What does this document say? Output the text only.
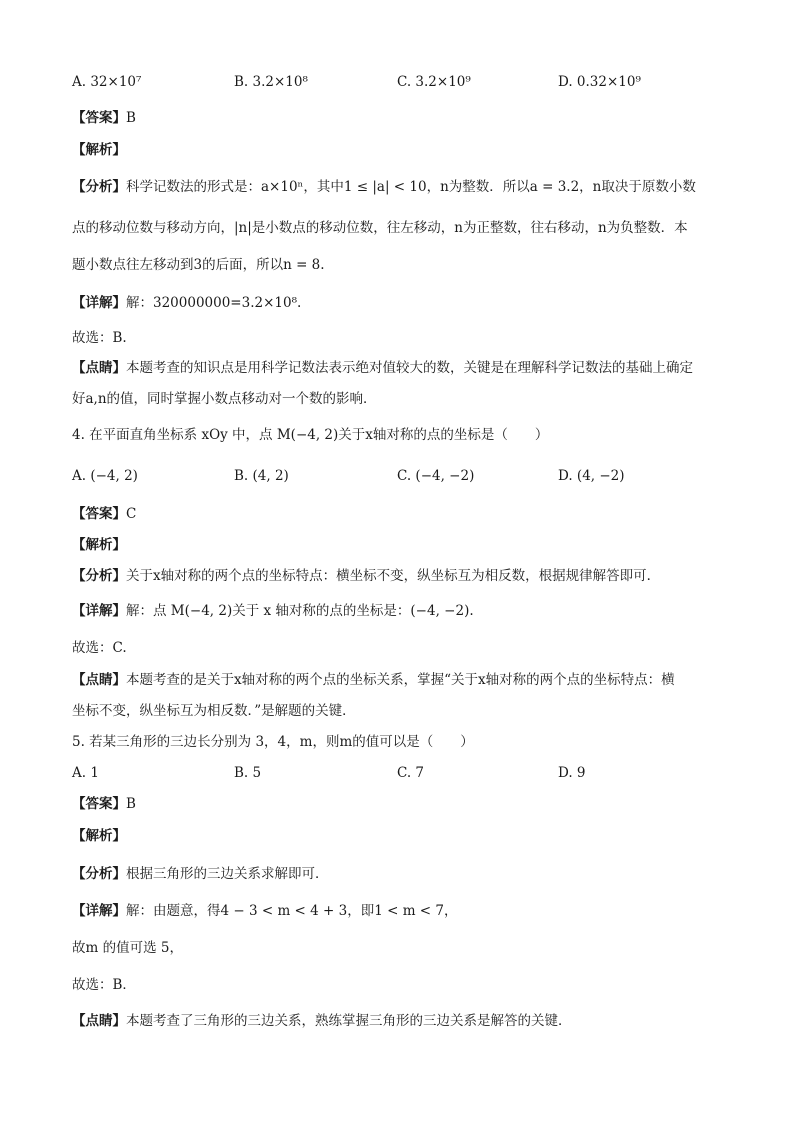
A. 32×10⁷	B. 3.2×10⁸	C. 3.2×10⁹	D. 0.32×10⁹
【答案】B
【解析】
【分析】科学记数法的形式是：a×10ⁿ，其中1 ≤ |a| < 10，n为整数．所以a = 3.2，n取决于原数小数
点的移动位数与移动方向，|n|是小数点的移动位数，往左移动，n为正整数，往右移动，n为负整数．本
题小数点往左移动到3的后面，所以n = 8.
【详解】解：320000000=3.2×10⁸.
故选：B.
【点睛】本题考查的知识点是用科学记数法表示绝对值较大的数，关键是在理解科学记数法的基础上确定
好a,n的值，同时掌握小数点移动对一个数的影响．
4. 在平面直角坐标系 xOy 中，点 M(−4, 2)关于x轴对称的点的坐标是（　　）
A. (−4, 2)	B. (4, 2)	C. (−4, −2)	D. (4, −2)
【答案】C
【解析】
【分析】关于x轴对称的两个点的坐标特点：横坐标不变，纵坐标互为相反数，根据规律解答即可．
【详解】解：点 M(−4, 2)关于 x 轴对称的点的坐标是：(−4, −2).
故选：C.
【点睛】本题考查的是关于x轴对称的两个点的坐标关系，掌握“关于x轴对称的两个点的坐标特点：横
坐标不变，纵坐标互为相反数．”是解题的关键．
5. 若某三角形的三边长分别为 3，4，m，则m的值可以是（　　）
A. 1	B. 5	C. 7	D. 9
【答案】B
【解析】
【分析】根据三角形的三边关系求解即可．
【详解】解：由题意，得4 − 3 < m < 4 + 3，即1 < m < 7，
故m 的值可选 5，
故选：B．
【点睛】本题考查了三角形的三边关系，熟练掌握三角形的三边关系是解答的关键．
